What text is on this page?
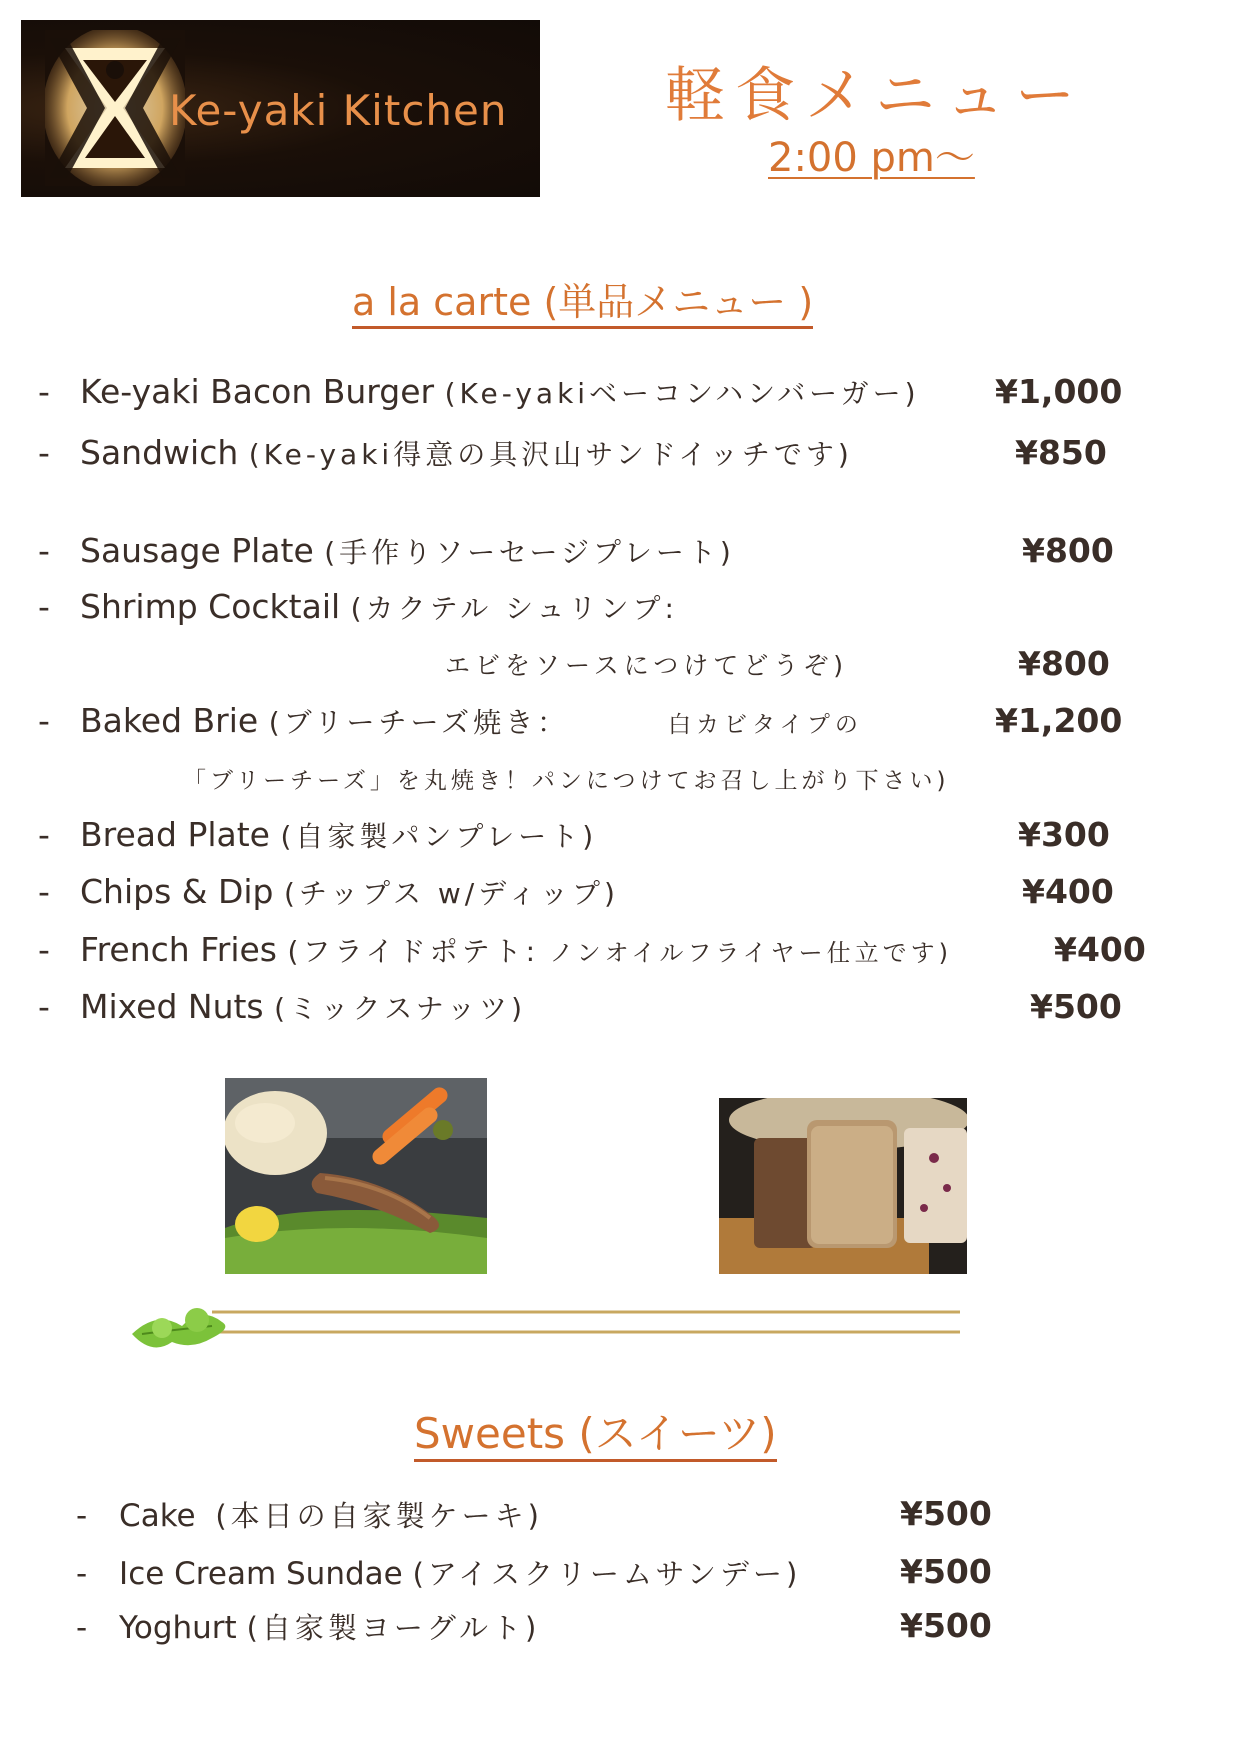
Ke-yaki Kitchen	軽食メニュー
2:00 pm～
a la carte (単品メニュー )
- Ke-yaki Bacon Burger (Ke-yakiベーコンハンバーガー) ¥1,000
- Sandwich (Ke-yaki得意の具沢山サンドイッチです)	¥850
- Sausage Plate (手作りソーセージプレート)	¥800
- Shrimp Cocktail (カクテル シュリンプ:
エビをソースにつけてどうぞ)	¥800
- Baked Brie (ブリーチーズ焼き：	白カビタイプの	¥1,200
「ブリーチーズ」を丸焼き！パンにつけてお召し上がり下さい)
- Bread Plate (自家製パンプレート)	¥300
- Chips & Dip (チップス w/ディップ)	¥400
- French Fries (フライドポテト: ノンオイルフライヤー仕立です)	¥400
- Mixed Nuts (ミックスナッツ)	¥500
Sweets (スイーツ)
- Cake (本日の自家製ケーキ)	¥500
- Ice Cream Sundae (アイスクリームサンデー)	¥500
- Yoghurt (自家製ヨーグルト)	¥500
